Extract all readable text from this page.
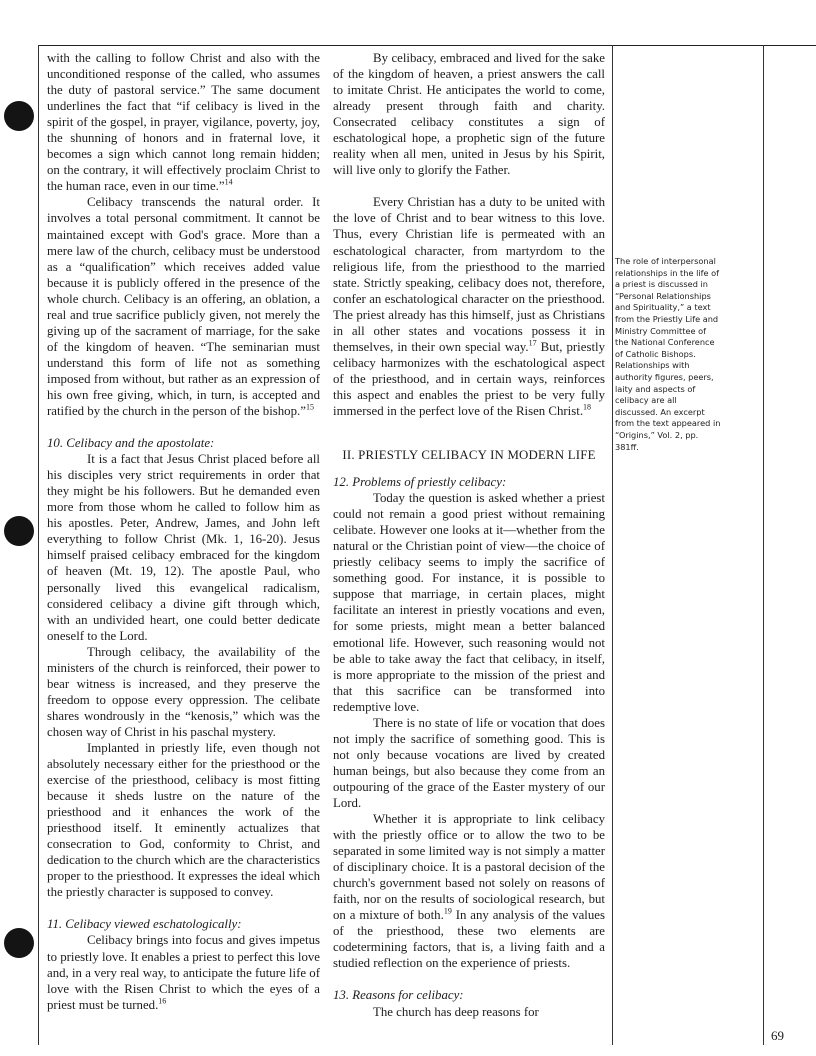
with the calling to follow Christ and also with the unconditioned response of the called, who assumes the duty of pastoral service.” The same document underlines the fact that “if celibacy is lived in the spirit of the gospel, in prayer, vigilance, poverty, joy, the shunning of honors and in fraternal love, it becomes a sign which cannot long remain hidden; on the contrary, it will effectively proclaim Christ to the human race, even in our time.”$^{14}$

Celibacy transcends the natural order. It involves a total personal commitment. It cannot be maintained except with God's grace. More than a mere law of the church, celibacy must be understood as a “qualification” which receives added value because it is publicly offered in the presence of the whole church. Celibacy is an offering, an oblation, a real and true sacrifice publicly given, not merely the giving up of the sacrament of marriage, for the sake of the kingdom of heaven. “The seminarian must understand this form of life not as something imposed from without, but rather as an expression of his own free giving, which, in turn, is accepted and ratified by the church in the person of the bishop.”$^{15}$

10. Celibacy and the apostolate:

It is a fact that Jesus Christ placed before all his disciples very strict requirements in order that they might be his followers. But he demanded even more from those whom he called to follow him as his apostles. Peter, Andrew, James, and John left everything to follow Christ (Mk. 1, 16-20). Jesus himself praised celibacy embraced for the kingdom of heaven (Mt. 19, 12). The apostle Paul, who personally lived this evangelical radicalism, considered celibacy a divine gift through which, with an undivided heart, one could better dedicate oneself to the Lord.

Through celibacy, the availability of the ministers of the church is reinforced, their power to bear witness is increased, and they preserve the freedom to oppose every oppression. The celibate shares wondrously in the “kenosis,” which was the chosen way of Christ in his paschal mystery.

Implanted in priestly life, even though not absolutely necessary either for the priesthood or the exercise of the priesthood, celibacy is most fitting because it sheds lustre on the nature of the priesthood and it enhances the work of the priesthood itself. It eminently actualizes that consecration to God, conformity to Christ, and dedication to the church which are the characteristics proper to the priesthood. It expresses the ideal which the priestly character is supposed to convey.

11. Celibacy viewed eschatologically:

Celibacy brings into focus and gives impetus to priestly love. It enables a priest to perfect this love and, in a very real way, to anticipate the future life of love with the Risen Christ to which the eyes of a priest must be turned.$^{16}$

By celibacy, embraced and lived for the sake of the kingdom of heaven, a priest answers the call to imitate Christ. He anticipates the world to come, already present through faith and charity. Consecrated celibacy constitutes a sign of eschatological hope, a prophetic sign of the future reality when all men, united in Jesus by his Spirit, will live only to glorify the Father.

Every Christian has a duty to be united with the love of Christ and to bear witness to this love. Thus, every Christian life is permeated with an eschatological character, from martyrdom to the religious life, from the priesthood to the married state. Strictly speaking, celibacy does not, therefore, confer an eschatological character on the priesthood. The priest already has this himself, just as Christians in all other states and vocations possess it in themselves, in their own special way.$^{17}$ But, priestly celibacy harmonizes with the eschatological aspect of the priesthood, and in certain ways, reinforces this aspect and enables the priest to be very fully immersed in the perfect love of the Risen Christ.$^{18}$

II. PRIESTLY CELIBACY IN MODERN LIFE
12. Problems of priestly celibacy:

Today the question is asked whether a priest could not remain a good priest without remaining celibate. However one looks at it—whether from the natural or the Christian point of view—the choice of priestly celibacy seems to imply the sacrifice of something good. For instance, it is possible to suppose that marriage, in certain places, might facilitate an interest in priestly vocations and even, for some priests, might mean a better balanced emotional life. However, such reasoning would not be able to take away the fact that celibacy, in itself, is more appropriate to the mission of the priest and that this sacrifice can be transformed into redemptive love.

There is no state of life or vocation that does not imply the sacrifice of something good. This is not only because vocations are lived by created human beings, but also because they come from an outpouring of the grace of the Easter mystery of our Lord.

Whether it is appropriate to link celibacy with the priestly office or to allow the two to be separated in some limited way is not simply a matter of disciplinary choice. It is a pastoral decision of the church's government based not solely on reasons of faith, nor on the results of sociological research, but on a mixture of both.$^{19}$ In any analysis of the values of the priesthood, these two elements are codetermining factors, that is, a living faith and a studied reflection on the experience of priests.

13. Reasons for celibacy:

The church has deep reasons for

The role of interpersonal relationships in the life of a priest is discussed in “Personal Relationships and Spirituality,” a text from the Priestly Life and Ministry Committee of the National Conference of Catholic Bishops. Relationships with authority figures, peers, laity and aspects of celibacy are all discussed. An excerpt from the text appeared in “Origins,” Vol. 2, pp. 381ff.
69
